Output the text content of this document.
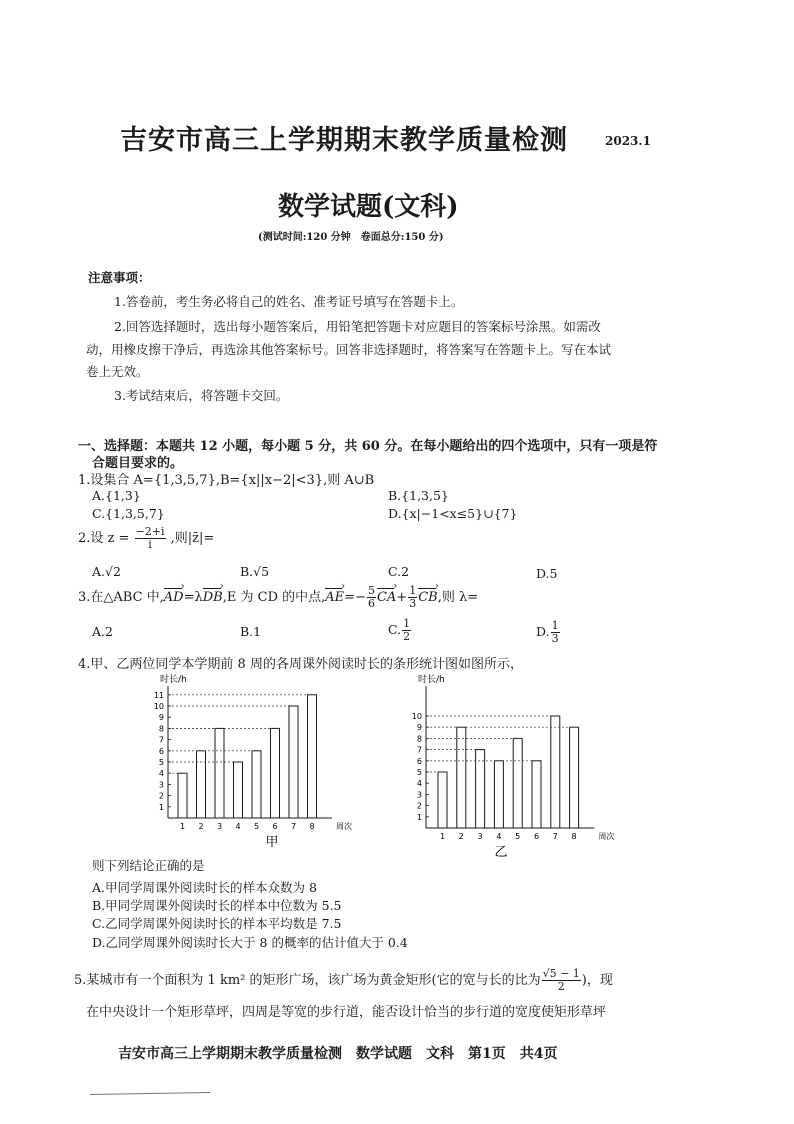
吉安市高三上学期期末教学质量检测	2023.1
数学试题(文科)
(测试时间:120 分钟　卷面总分:150 分)
注意事项：
1.答卷前，考生务必将自己的姓名、准考证号填写在答题卡上。
2.回答选择题时，选出每小题答案后，用铅笔把答题卡对应题目的答案标号涂黑。如需改
动，用橡皮擦干净后，再选涂其他答案标号。回答非选择题时，将答案写在答题卡上。写在本试
卷上无效。
3.考试结束后，将答题卡交回。
一、选择题：本题共 12 小题，每小题 5 分，共 60 分。在每小题给出的四个选项中，只有一项是符
合题目要求的。
1.设集合 A={1,3,5,7},B={x||x−2|<3},则 A∪B
A.{1,3}	B.{1,3,5}
C.{1,3,5,7}	D.{x|−1<x≤5}∪{7}
2.设 $z = \frac{-2+i}{i}$ ,则|z̄|=
A.√2	B.√5	C.2	D.5
3.在△ABC 中,AD ›=λDB ›,E 为 CD 的中点,AE ›=− $\frac{5}{6}$ CA ›+ $\frac{1}{3}$ CB ›,则 λ=
A.2	B.1	C. $\frac{1}{2}$	D. $\frac{1}{3}$
4.甲、乙两位同学本学期前 8 周的各周课外阅读时长的条形统计图如图所示，
时长/h
1
2
3
4
5
6
7
8
9
10
11
1 2 3 4 5 6 7 8	周次
甲
时长/h
1
2
3
4
5
6
7
8
9
10
1 2 3 4 5 6 7 8	周次
乙
则下列结论正确的是
A.甲同学周课外阅读时长的样本众数为 8
B.甲同学周课外阅读时长的样本中位数为 5.5
C.乙同学周课外阅读时长的样本平均数是 7.5
D.乙同学周课外阅读时长大于 8 的概率的估计值大于 0.4
5.某城市有一个面积为 1 km² 的矩形广场，该广场为黄金矩形(它的宽与长的比为 $\frac{√5 - 1}{2}$ )，现
在中央设计一个矩形草坪，四周是等宽的步行道，能否设计恰当的步行道的宽度使矩形草坪
吉安市高三上学期期末教学质量检测　数学试题　文科　第1页　共4页
